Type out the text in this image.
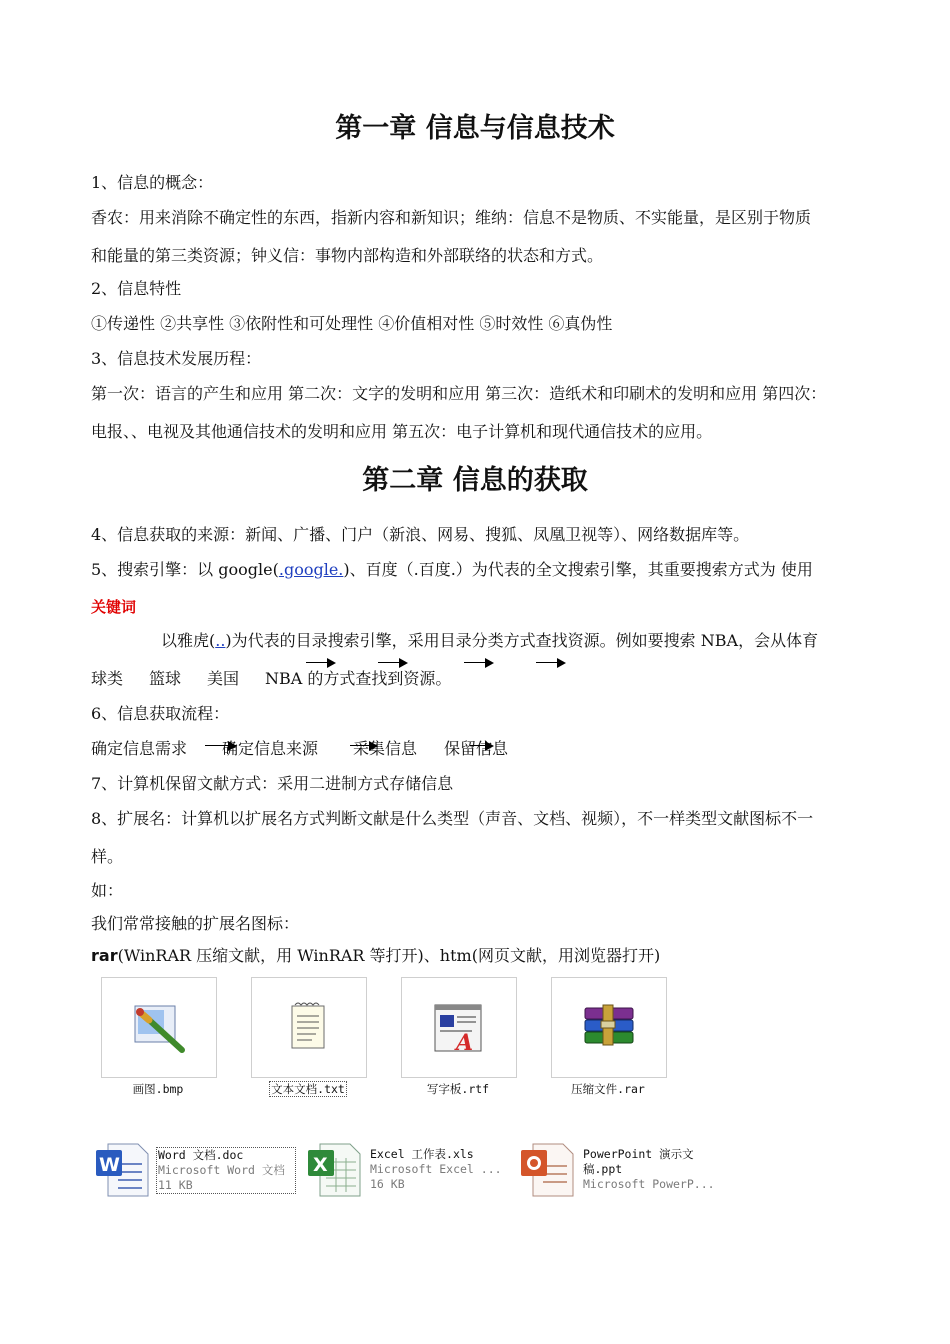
第一章 信息与信息技术
1、信息的概念：
香农：用来消除不确定性的东西，指新内容和新知识；维纳：信息不是物质、不实能量，是区别于物质
和能量的第三类资源；钟义信：事物内部构造和外部联络的状态和方式。
2、信息特性
①传递性 ②共享性 ③依附性和可处理性 ④价值相对性 ⑤时效性 ⑥真伪性
3、信息技术发展历程：
第一次：语言的产生和应用 第二次：文字的发明和应用 第三次：造纸术和印刷术的发明和应用 第四次：
电报、、电视及其他通信技术的发明和应用 第五次：电子计算机和现代通信技术的应用。
第二章 信息的获取
4、信息获取的来源：新闻、广播、门户（新浪、网易、搜狐、凤凰卫视等）、网络数据库等。
5、搜索引擎：以 google(.google.)、百度（.百度.）为代表的全文搜索引擎，其重要搜索方式为 使用
关键词
以雅虎(..)为代表的目录搜索引擎，采用目录分类方式查找资源。例如要搜索 NBA，会从体育
球类 篮球 美国 NBA 的方式查找到资源。
6、信息获取流程：
确定信息需求 确定信息来源 采集信息 保留信息
7、计算机保留文献方式：采用二进制方式存储信息
8、扩展名：计算机以扩展名方式判断文献是什么类型（声音、文档、视频），不一样类型文献图标不一
样。
如：
我们常常接触的扩展名图标：
rar(WinRAR 压缩文献，用 WinRAR 等打开)、htm(网页文献，用浏览器打开)
画图.bmp	文本文档.txt
A
写字板.rtf	压缩文件.rar
W	Word 文档.doc
Microsoft Word 文档
11 KB
X	Excel 工作表.xls
Microsoft Excel ...
16 KB
PowerPoint 演示文
稿.ppt
Microsoft PowerP...
